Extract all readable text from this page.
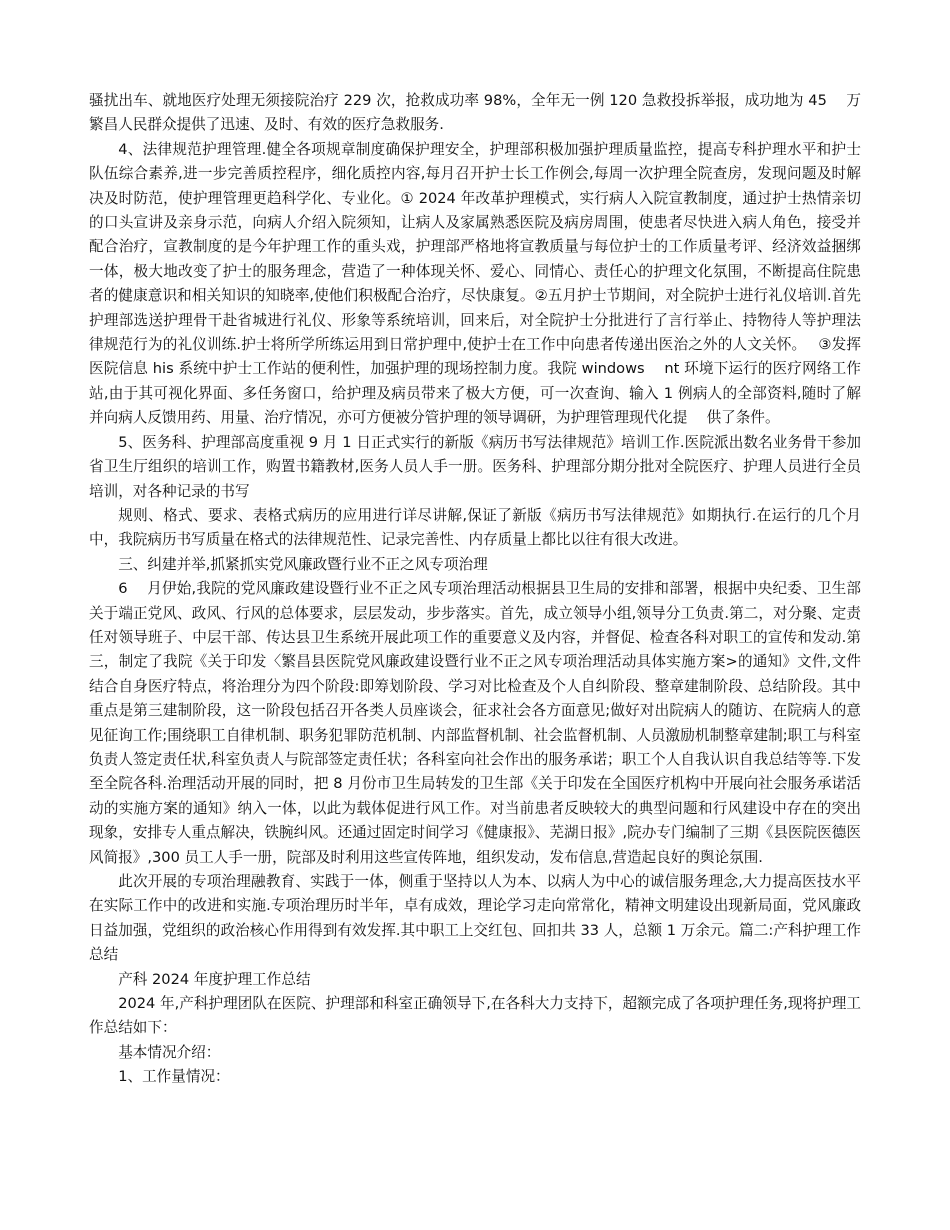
骚扰出车、就地医疗处理无须接院治疗 229 次，抢救成功率 98%，全年无一例 120 急救投拆举报，成功地为 45　 万繁昌人民群众提供了迅速、及时、有效的医疗急救服务.

4、法律规范护理管理.健全各项规章制度确保护理安全，护理部积极加强护理质量监控，提高专科护理水平和护士队伍综合素养,进一步完善质控程序，细化质控内容,每月召开护士长工作例会,每周一次护理全院查房，发现问题及时解决及时防范，使护理管理更趋科学化、专业化。① 2024 年改革护理模式，实行病人入院宣教制度，通过护士热情亲切的口头宣讲及亲身示范，向病人介绍入院须知，让病人及家属熟悉医院及病房周围，使患者尽快进入病人角色，接受并配合治疗，宣教制度的是今年护理工作的重头戏，护理部严格地将宣教质量与每位护士的工作质量考评、经济效益捆绑一体，极大地改变了护士的服务理念，营造了一种体现关怀、爱心、同情心、责任心的护理文化氛围，不断提高住院患者的健康意识和相关知识的知晓率,使他们积极配合治疗，尽快康复。②五月护士节期间，对全院护士进行礼仪培训.首先护理部选送护理骨干赴省城进行礼仪、形象等系统培训，回来后，对全院护士分批进行了言行举止、持物待人等护理法律规范行为的礼仪训练.护士将所学所练运用到日常护理中,使护士在工作中向患者传递出医治之外的人文关怀。　 ③发挥医院信息 his 系统中护士工作站的便利性，加强护理的现场控制力度。我院 windows　 nt 环境下运行的医疗网络工作站,由于其可视化界面、多任务窗口，给护理及病员带来了极大方便，可一次查询、输入 1 例病人的全部资料,随时了解并向病人反馈用药、用量、治疗情况，亦可方便被分管护理的领导调研，为护理管理现代化提　 供了条件。

5、医务科、护理部高度重视 9 月 1 日正式实行的新版《病历书写法律规范》培训工作.医院派出数名业务骨干参加省卫生厅组织的培训工作，购置书籍教材,医务人员人手一册。医务科、护理部分期分批对全院医疗、护理人员进行全员培训，对各种记录的书写

规则、格式、要求、表格式病历的应用进行详尽讲解,保证了新版《病历书写法律规范》如期执行.在运行的几个月中，我院病历书写质量在格式的法律规范性、记录完善性、内存质量上都比以往有很大改进。

三、纠建并举,抓紧抓实党风廉政暨行业不正之风专项治理

6　 月伊始,我院的党风廉政建设暨行业不正之风专项治理活动根据县卫生局的安排和部署，根据中央纪委、卫生部关于端正党风、政风、行风的总体要求，层层发动，步步落实。首先，成立领导小组,领导分工负责.第二，对分聚、定责任对领导班子、中层干部、传达县卫生系统开展此项工作的重要意义及内容，并督促、检查各科对职工的宣传和发动.第三，制定了我院《关于印发〈繁昌县医院党风廉政建设暨行业不正之风专项治理活动具体实施方案>的通知》文件,文件结合自身医疗特点，将治理分为四个阶段:即筹划阶段、学习对比检查及个人自纠阶段、整章建制阶段、总结阶段。其中重点是第三建制阶段，这一阶段包括召开各类人员座谈会，征求社会各方面意见;做好对出院病人的随访、在院病人的意见征询工作;围绕职工自律机制、职务犯罪防范机制、内部监督机制、社会监督机制、人员激励机制整章建制;职工与科室负责人签定责任状,科室负责人与院部签定责任状；各科室向社会作出的服务承诺；职工个人自我认识自我总结等等.下发至全院各科.治理活动开展的同时，把 8 月份市卫生局转发的卫生部《关于印发在全国医疗机构中开展向社会服务承诺活动的实施方案的通知》纳入一体，以此为载体促进行风工作。对当前患者反映较大的典型问题和行风建设中存在的突出现象，安排专人重点解决，铁腕纠风。还通过固定时间学习《健康报》、芜湖日报》,院办专门编制了三期《县医院医德医风简报》,300 员工人手一册，院部及时利用这些宣传阵地，组织发动，发布信息,营造起良好的舆论氛围.

此次开展的专项治理融教育、实践于一体，侧重于坚持以人为本、以病人为中心的诚信服务理念,大力提高医技水平在实际工作中的改进和实施.专项治理历时半年，卓有成效，理论学习走向常常化，精神文明建设出现新局面，党风廉政日益加强，党组织的政治核心作用得到有效发挥.其中职工上交红包、回扣共 33 人，总额 1 万余元。篇二:产科护理工作总结

产科 2024 年度护理工作总结

2024 年,产科护理团队在医院、护理部和科室正确领导下,在各科大力支持下，超额完成了各项护理任务,现将护理工作总结如下：

基本情况介绍：

1、工作量情况：
